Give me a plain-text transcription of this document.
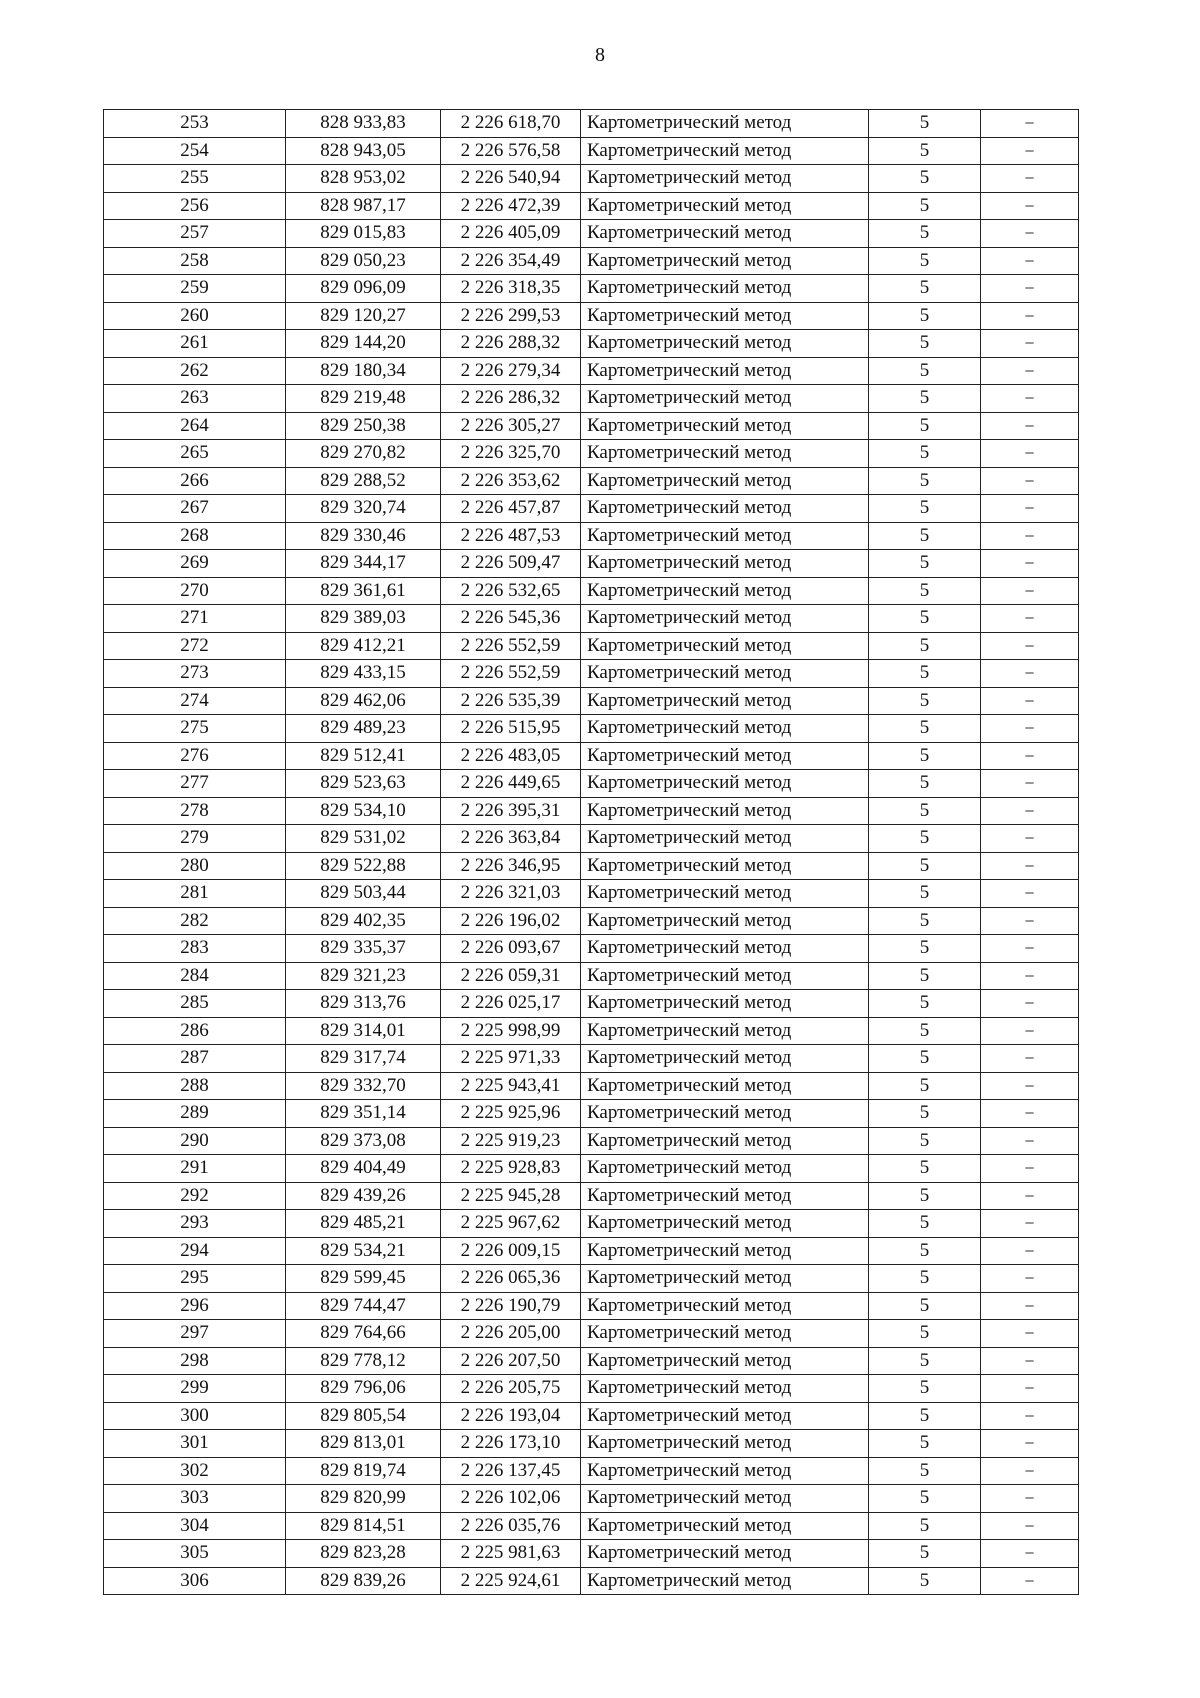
8
253	828 933,83	2 226 618,70	Картометрический метод	5	–
254	828 943,05	2 226 576,58	Картометрический метод	5	–
255	828 953,02	2 226 540,94	Картометрический метод	5	–
256	828 987,17	2 226 472,39	Картометрический метод	5	–
257	829 015,83	2 226 405,09	Картометрический метод	5	–
258	829 050,23	2 226 354,49	Картометрический метод	5	–
259	829 096,09	2 226 318,35	Картометрический метод	5	–
260	829 120,27	2 226 299,53	Картометрический метод	5	–
261	829 144,20	2 226 288,32	Картометрический метод	5	–
262	829 180,34	2 226 279,34	Картометрический метод	5	–
263	829 219,48	2 226 286,32	Картометрический метод	5	–
264	829 250,38	2 226 305,27	Картометрический метод	5	–
265	829 270,82	2 226 325,70	Картометрический метод	5	–
266	829 288,52	2 226 353,62	Картометрический метод	5	–
267	829 320,74	2 226 457,87	Картометрический метод	5	–
268	829 330,46	2 226 487,53	Картометрический метод	5	–
269	829 344,17	2 226 509,47	Картометрический метод	5	–
270	829 361,61	2 226 532,65	Картометрический метод	5	–
271	829 389,03	2 226 545,36	Картометрический метод	5	–
272	829 412,21	2 226 552,59	Картометрический метод	5	–
273	829 433,15	2 226 552,59	Картометрический метод	5	–
274	829 462,06	2 226 535,39	Картометрический метод	5	–
275	829 489,23	2 226 515,95	Картометрический метод	5	–
276	829 512,41	2 226 483,05	Картометрический метод	5	–
277	829 523,63	2 226 449,65	Картометрический метод	5	–
278	829 534,10	2 226 395,31	Картометрический метод	5	–
279	829 531,02	2 226 363,84	Картометрический метод	5	–
280	829 522,88	2 226 346,95	Картометрический метод	5	–
281	829 503,44	2 226 321,03	Картометрический метод	5	–
282	829 402,35	2 226 196,02	Картометрический метод	5	–
283	829 335,37	2 226 093,67	Картометрический метод	5	–
284	829 321,23	2 226 059,31	Картометрический метод	5	–
285	829 313,76	2 226 025,17	Картометрический метод	5	–
286	829 314,01	2 225 998,99	Картометрический метод	5	–
287	829 317,74	2 225 971,33	Картометрический метод	5	–
288	829 332,70	2 225 943,41	Картометрический метод	5	–
289	829 351,14	2 225 925,96	Картометрический метод	5	–
290	829 373,08	2 225 919,23	Картометрический метод	5	–
291	829 404,49	2 225 928,83	Картометрический метод	5	–
292	829 439,26	2 225 945,28	Картометрический метод	5	–
293	829 485,21	2 225 967,62	Картометрический метод	5	–
294	829 534,21	2 226 009,15	Картометрический метод	5	–
295	829 599,45	2 226 065,36	Картометрический метод	5	–
296	829 744,47	2 226 190,79	Картометрический метод	5	–
297	829 764,66	2 226 205,00	Картометрический метод	5	–
298	829 778,12	2 226 207,50	Картометрический метод	5	–
299	829 796,06	2 226 205,75	Картометрический метод	5	–
300	829 805,54	2 226 193,04	Картометрический метод	5	–
301	829 813,01	2 226 173,10	Картометрический метод	5	–
302	829 819,74	2 226 137,45	Картометрический метод	5	–
303	829 820,99	2 226 102,06	Картометрический метод	5	–
304	829 814,51	2 226 035,76	Картометрический метод	5	–
305	829 823,28	2 225 981,63	Картометрический метод	5	–
306	829 839,26	2 225 924,61	Картометрический метод	5	–
